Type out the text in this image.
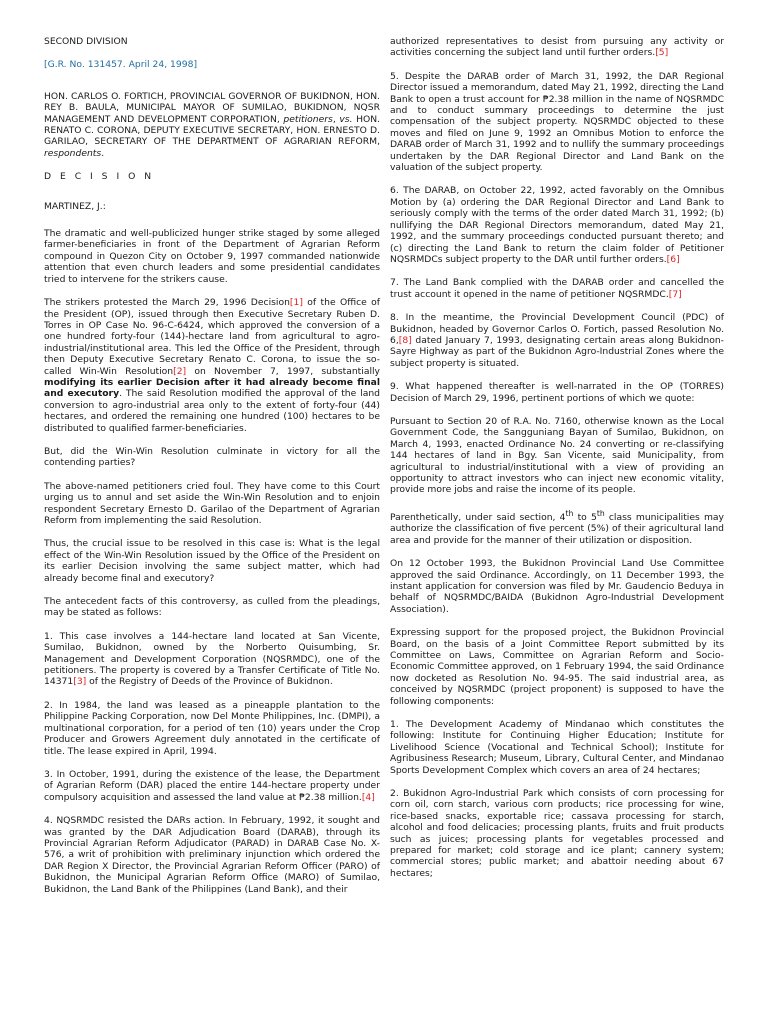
SECOND DIVISION

[G.R. No. 131457. April 24, 1998]

HON. CARLOS O. FORTICH, PROVINCIAL GOVERNOR OF BUKIDNON, HON. REY B. BAULA, MUNICIPAL MAYOR OF SUMILAO, BUKIDNON, NQSR MANAGEMENT AND DEVELOPMENT CORPORATION, petitioners, vs. HON. RENATO C. CORONA, DEPUTY EXECUTIVE SECRETARY, HON. ERNESTO D. GARILAO, SECRETARY OF THE DEPARTMENT OF AGRARIAN REFORM, respondents.

D E C I S I O N

MARTINEZ, J.:

The dramatic and well-publicized hunger strike staged by some alleged farmer-beneficiaries in front of the Department of Agrarian Reform compound in Quezon City on October 9, 1997 commanded nationwide attention that even church leaders and some presidential candidates tried to intervene for the strikers cause.

The strikers protested the March 29, 1996 Decision[1] of the Office of the President (OP), issued through then Executive Secretary Ruben D. Torres in OP Case No. 96-C-6424, which approved the conversion of a one hundred forty-four (144)-hectare land from agricultural to agro-industrial/institutional area. This led the Office of the President, through then Deputy Executive Secretary Renato C. Corona, to issue the so-called Win-Win Resolution[2] on November 7, 1997, substantially modifying its earlier Decision after it had already become final and executory. The said Resolution modified the approval of the land conversion to agro-industrial area only to the extent of forty-four (44) hectares, and ordered the remaining one hundred (100) hectares to be distributed to qualified farmer-beneficiaries.

But, did the Win-Win Resolution culminate in victory for all the contending parties?

The above-named petitioners cried foul. They have come to this Court urging us to annul and set aside the Win-Win Resolution and to enjoin respondent Secretary Ernesto D. Garilao of the Department of Agrarian Reform from implementing the said Resolution.

Thus, the crucial issue to be resolved in this case is: What is the legal effect of the Win-Win Resolution issued by the Office of the President on its earlier Decision involving the same subject matter, which had already become final and executory?

The antecedent facts of this controversy, as culled from the pleadings, may be stated as follows:

1. This case involves a 144-hectare land located at San Vicente, Sumilao, Bukidnon, owned by the Norberto Quisumbing, Sr. Management and Development Corporation (NQSRMDC), one of the petitioners. The property is covered by a Transfer Certificate of Title No. 14371[3] of the Registry of Deeds of the Province of Bukidnon.

2. In 1984, the land was leased as a pineapple plantation to the Philippine Packing Corporation, now Del Monte Philippines, Inc. (DMPI), a multinational corporation, for a period of ten (10) years under the Crop Producer and Growers Agreement duly annotated in the certificate of title. The lease expired in April, 1994.

3. In October, 1991, during the existence of the lease, the Department of Agrarian Reform (DAR) placed the entire 144-hectare property under compulsory acquisition and assessed the land value at ₱2.38 million.[4]

4. NQSRMDC resisted the DARs action. In February, 1992, it sought and was granted by the DAR Adjudication Board (DARAB), through its Provincial Agrarian Reform Adjudicator (PARAD) in DARAB Case No. X-576, a writ of prohibition with preliminary injunction which ordered the DAR Region X Director, the Provincial Agrarian Reform Officer (PARO) of Bukidnon, the Municipal Agrarian Reform Office (MARO) of Sumilao, Bukidnon, the Land Bank of the Philippines (Land Bank), and their

authorized representatives to desist from pursuing any activity or activities concerning the subject land until further orders.[5]

5. Despite the DARAB order of March 31, 1992, the DAR Regional Director issued a memorandum, dated May 21, 1992, directing the Land Bank to open a trust account for ₱2.38 million in the name of NQSRMDC and to conduct summary proceedings to determine the just compensation of the subject property. NQSRMDC objected to these moves and filed on June 9, 1992 an Omnibus Motion to enforce the DARAB order of March 31, 1992 and to nullify the summary proceedings undertaken by the DAR Regional Director and Land Bank on the valuation of the subject property.

6. The DARAB, on October 22, 1992, acted favorably on the Omnibus Motion by (a) ordering the DAR Regional Director and Land Bank to seriously comply with the terms of the order dated March 31, 1992; (b) nullifying the DAR Regional Directors memorandum, dated May 21, 1992, and the summary proceedings conducted pursuant thereto; and (c) directing the Land Bank to return the claim folder of Petitioner NQSRMDCs subject property to the DAR until further orders.[6]

7. The Land Bank complied with the DARAB order and cancelled the trust account it opened in the name of petitioner NQSRMDC.[7]

8. In the meantime, the Provincial Development Council (PDC) of Bukidnon, headed by Governor Carlos O. Fortich, passed Resolution No. 6,[8] dated January 7, 1993, designating certain areas along Bukidnon-Sayre Highway as part of the Bukidnon Agro-Industrial Zones where the subject property is situated.

9. What happened thereafter is well-narrated in the OP (TORRES) Decision of March 29, 1996, pertinent portions of which we quote:

Pursuant to Section 20 of R.A. No. 7160, otherwise known as the Local Government Code, the Sangguniang Bayan of Sumilao, Bukidnon, on March 4, 1993, enacted Ordinance No. 24 converting or re-classifying 144 hectares of land in Bgy. San Vicente, said Municipality, from agricultural to industrial/institutional with a view of providing an opportunity to attract investors who can inject new economic vitality, provide more jobs and raise the income of its people.

Parenthetically, under said section, 4th to 5th class municipalities may authorize the classification of five percent (5%) of their agricultural land area and provide for the manner of their utilization or disposition.

On 12 October 1993, the Bukidnon Provincial Land Use Committee approved the said Ordinance. Accordingly, on 11 December 1993, the instant application for conversion was filed by Mr. Gaudencio Beduya in behalf of NQSRMDC/BAIDA (Bukidnon Agro-Industrial Development Association).

Expressing support for the proposed project, the Bukidnon Provincial Board, on the basis of a Joint Committee Report submitted by its Committee on Laws, Committee on Agrarian Reform and Socio-Economic Committee approved, on 1 February 1994, the said Ordinance now docketed as Resolution No. 94-95. The said industrial area, as conceived by NQSRMDC (project proponent) is supposed to have the following components:

1. The Development Academy of Mindanao which constitutes the following: Institute for Continuing Higher Education; Institute for Livelihood Science (Vocational and Technical School); Institute for Agribusiness Research; Museum, Library, Cultural Center, and Mindanao Sports Development Complex which covers an area of 24 hectares;

2. Bukidnon Agro-Industrial Park which consists of corn processing for corn oil, corn starch, various corn products; rice processing for wine, rice-based snacks, exportable rice; cassava processing for starch, alcohol and food delicacies; processing plants, fruits and fruit products such as juices; processing plants for vegetables processed and prepared for market; cold storage and ice plant; cannery system; commercial stores; public market; and abattoir needing about 67 hectares;
